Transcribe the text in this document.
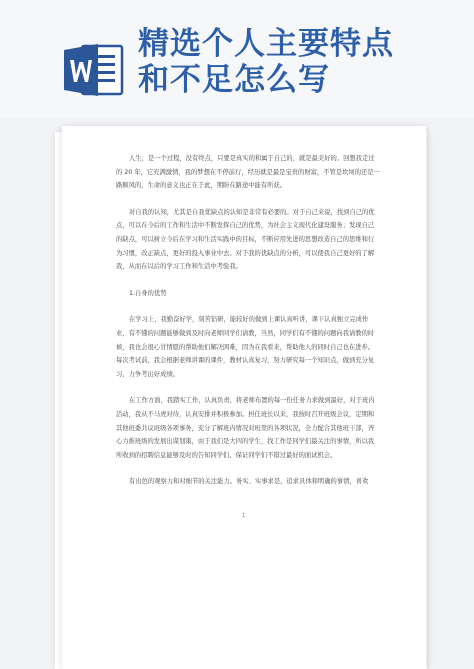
精选个人主要特点
和不足怎么写

人生，是一个过程，没有终点，只要是真实的和属于自己的，就是最美好的。回想我走过的 20 年，它充满激情，我的梦想在不停前行，经历就是最是宝贵的财富，不管是坎坷的还是一路顺风的，生命的意义也正在于此，期盼在路途中能有所获。

对自我的认知，尤其是自我优缺点的认知是非常有必要的。对于自己来说，找到自己的优点，可以在今后的工作和生活中不断发挥自己的优势，为社会主义现代化建设服务；发现自己的缺点，可以树立今后在学习和生活实践中的目标，不断应用先进的思想改造自己的思维和行为习惯，改正缺点，更好的投入事业中去。对于我的优缺点的分析，可以使我自己更好的了解我，从而在以后的学习工作和生活中考验我。

1.自身的优势

在学习上，我勤奋好学，刻苦钻研，能较好的做到上课认真听讲，课下认真独立完成作业，有不懂的问题能够做到及时向老师同学们请教，当然，同学们有不懂的问题向我请教的时候，我也会很心甘情愿的帮助他们解决困难，因为在我看来，帮助他人的同时自己也在进步。每次考试前，我会根据老师讲课的课件，教材认真复习，努力研究每一个知识点，做到充分复习，力争考出好成绩。

在工作方面，我踏实工作，认真负责，将老师布置的每一份任务力求做到最好，对于班内活动，我从不马虎对待，认真安排并积极参加。担任班长以来，我按时召开班级会议，定期和其他班委共议班级各项事务，充分了解班内情况对班里的各项状况，全力配合其他班干部，齐心力推班级的发展出谋划策，由于我们是大四的学生，找工作是同学们最关注的事情，所以我所收到的招聘信息能够及时的告知同学们，保证同学们不错过最好的面试机会。

有出色的观察力和对细节的关注能力。务实、实事求是，追求具体和明确的事情，喜欢

1
